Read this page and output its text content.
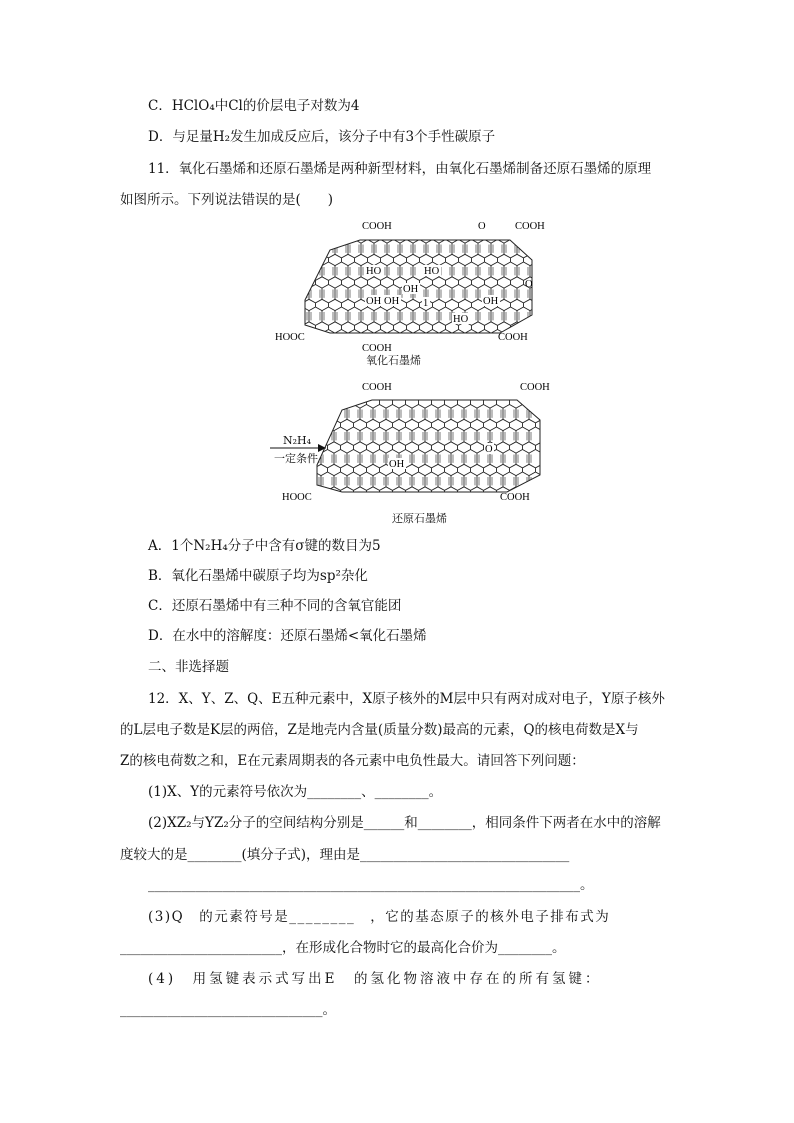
C．HClO₄中Cl的价层电子对数为4
D．与足量H₂发生加成反应后，该分子中有3个手性碳原子
11．氧化石墨烯和还原石墨烯是两种新型材料，由氧化石墨烯制备还原石墨烯的原理
如图所示。下列说法错误的是(　　)
COOH	O	COOH
O
HO	HO
OH OH
OH
1
HO
OH
HOOC	COOH
COOH
氧化石墨烯
N₂H₄
一定条件
COOH	COOH
OH
O
HOOC	COOH
还原石墨烯
A．1个N₂H₄分子中含有σ键的数目为5
B．氧化石墨烯中碳原子均为sp²杂化
C．还原石墨烯中有三种不同的含氧官能团
D．在水中的溶解度：还原石墨烯<氧化石墨烯
二、非选择题
12．X、Y、Z、Q、E五种元素中，X原子核外的M层中只有两对成对电子，Y原子核外
的L层电子数是K层的两倍，Z是地壳内含量(质量分数)最高的元素，Q的核电荷数是X与
Z的核电荷数之和，E在元素周期表的各元素中电负性最大。请回答下列问题：
(1)X、Y的元素符号依次为________、________。
(2)XZ₂与YZ₂分子的空间结构分别是______和________，相同条件下两者在水中的溶解
度较大的是________(填分子式)，理由是_______________________________
________________________________________________________________。
(3)Q　的元素符号是________　，它的基态原子的核外电子排布式为
________________________，在形成化合物时它的最高化合价为________。
(4)　用氢键表示式写出E　的氢化物溶液中存在的所有氢键：
______________________________。
